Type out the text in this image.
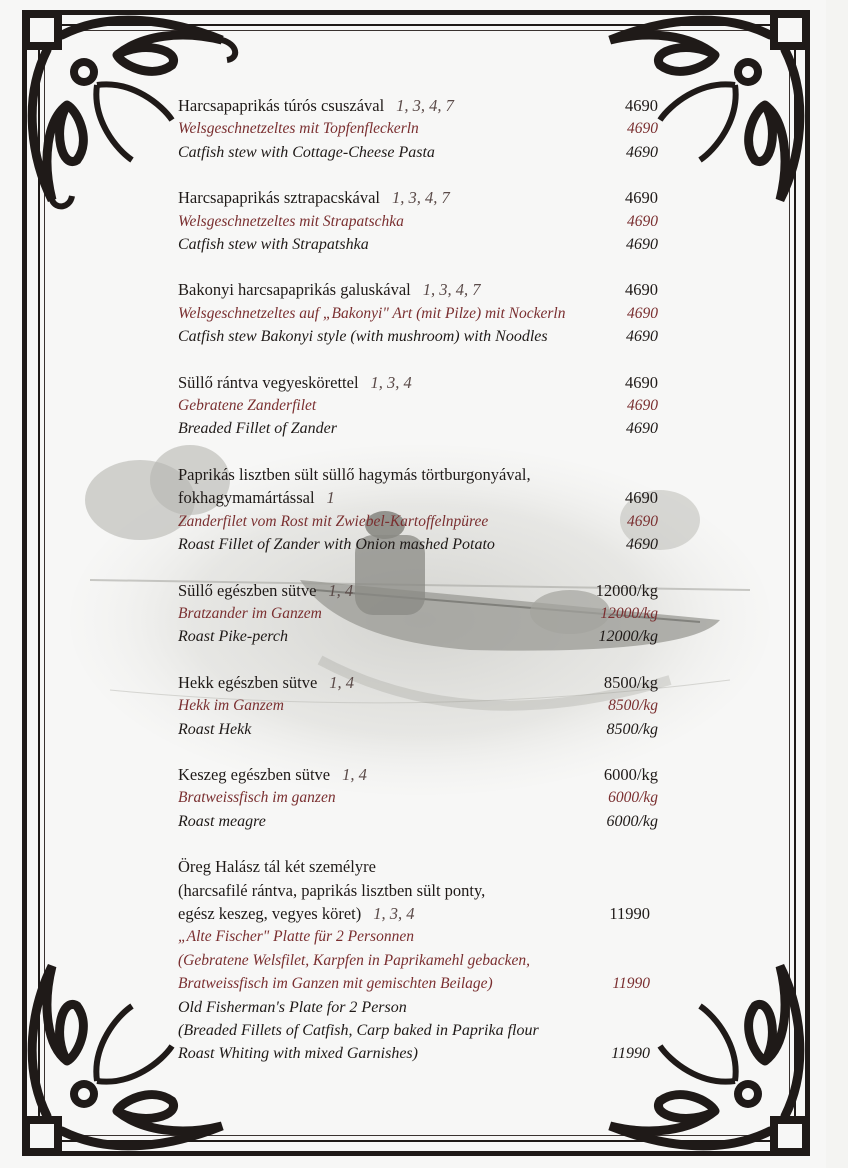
Harcsapaprikás túrós csuszával 1, 3, 4, 7	4690
Welsgeschnetzeltes mit Topfenfleckerln	4690
Catfish stew with Cottage-Cheese Pasta	4690
Harcsapaprikás sztrapacskával 1, 3, 4, 7	4690
Welsgeschnetzeltes mit Strapatschka	4690
Catfish stew with Strapatshka	4690
Bakonyi harcsapaprikás galuskával 1, 3, 4, 7	4690
Welsgeschnetzeltes auf „Bakonyi" Art (mit Pilze) mit Nockerln	4690
Catfish stew Bakonyi style (with mushroom) with Noodles	4690
Süllő rántva vegyeskörettel 1, 3, 4	4690
Gebratene Zanderfilet	4690
Breaded Fillet of Zander	4690
Paprikás lisztben sült süllő hagymás törtburgonyával,
fokhagymamártással 1	4690
Zanderfilet vom Rost mit Zwiebel-Kartoffelnpüree	4690
Roast Fillet of Zander with Onion mashed Potato	4690
Süllő egészben sütve 1, 4	12000/kg
Bratzander im Ganzem	12000/kg
Roast Pike-perch	12000/kg
Hekk egészben sütve 1, 4	8500/kg
Hekk im Ganzem	8500/kg
Roast Hekk	8500/kg
Keszeg egészben sütve 1, 4	6000/kg
Bratweissfisch im ganzen	6000/kg
Roast meagre	6000/kg
Öreg Halász tál két személyre
(harcsafilé rántva, paprikás lisztben sült ponty,
egész keszeg, vegyes köret) 1, 3, 4	11990
„Alte Fischer" Platte für 2 Personnen
(Gebratene Welsfilet, Karpfen in Paprikamehl gebacken,
Bratweissfisch im Ganzen mit gemischten Beilage)	11990
Old Fisherman's Plate for 2 Person
(Breaded Fillets of Catfish, Carp baked in Paprika flour
Roast Whiting with mixed Garnishes)	11990
